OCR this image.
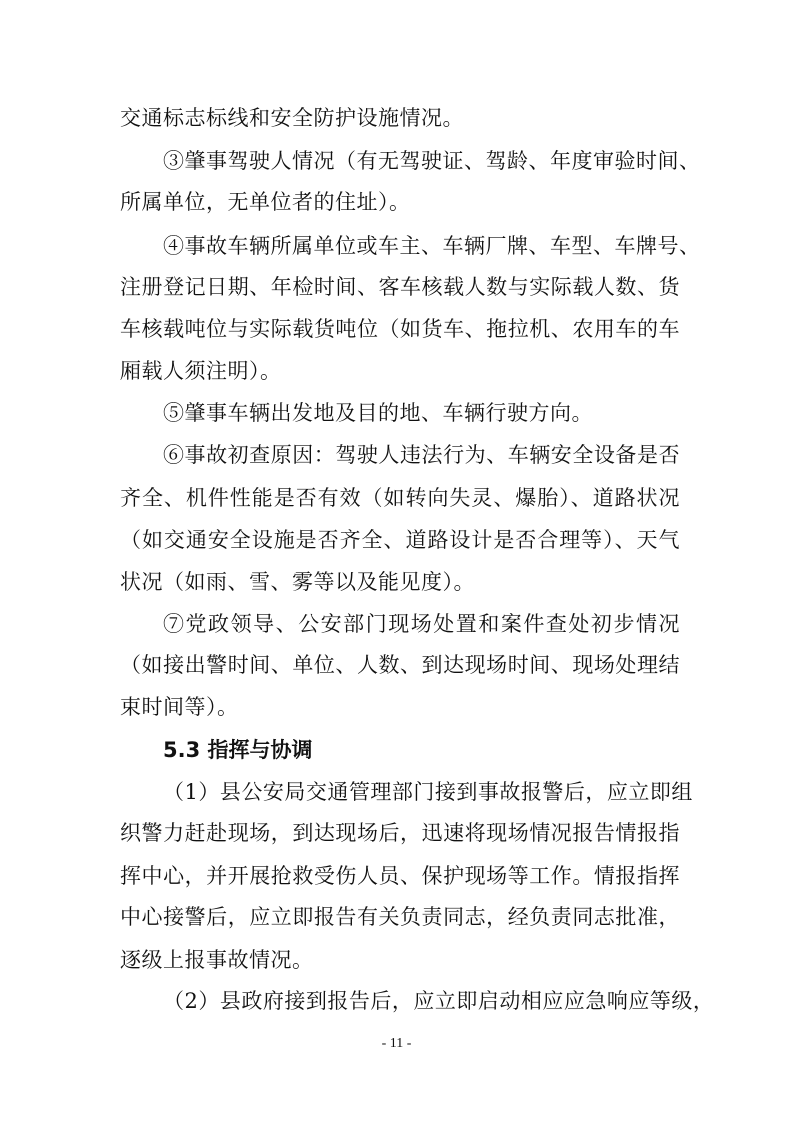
交通标志标线和安全防护设施情况。
③肇事驾驶人情况（有无驾驶证、驾龄、年度审验时间、
所属单位，无单位者的住址）。
④事故车辆所属单位或车主、车辆厂牌、车型、车牌号、
注册登记日期、年检时间、客车核载人数与实际载人数、货
车核载吨位与实际载货吨位（如货车、拖拉机、农用车的车
厢载人须注明）。
⑤肇事车辆出发地及目的地、车辆行驶方向。
⑥事故初查原因：驾驶人违法行为、车辆安全设备是否
齐全、机件性能是否有效（如转向失灵、爆胎）、道路状况
（如交通安全设施是否齐全、道路设计是否合理等）、天气
状况（如雨、雪、雾等以及能见度）。
⑦党政领导、公安部门现场处置和案件查处初步情况
（如接出警时间、单位、人数、到达现场时间、现场处理结
束时间等）。
5.3 指挥与协调
（1）县公安局交通管理部门接到事故报警后，应立即组
织警力赶赴现场，到达现场后，迅速将现场情况报告情报指
挥中心，并开展抢救受伤人员、保护现场等工作。情报指挥
中心接警后，应立即报告有关负责同志，经负责同志批准，
逐级上报事故情况。
（2）县政府接到报告后，应立即启动相应应急响应等级，
- 11 -
